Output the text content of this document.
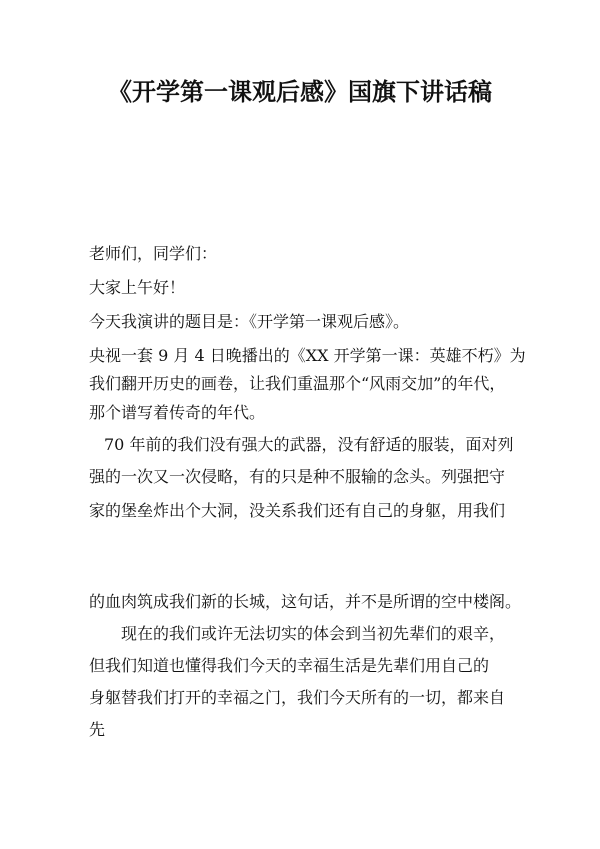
《开学第一课观后感》国旗下讲话稿
老师们，同学们：
大家上午好！
今天我演讲的题目是：《开学第一课观后感》。
央视一套 9 月 4 日晚播出的《XX 开学第一课：英雄不朽》为
我们翻开历史的画卷，让我们重温那个“风雨交加”的年代，
那个谱写着传奇的年代。
70 年前的我们没有强大的武器，没有舒适的服装，面对列
强的一次又一次侵略，有的只是种不服输的念头。列强把守
家的堡垒炸出个大洞，没关系我们还有自己的身躯，用我们
的血肉筑成我们新的长城，这句话，并不是所谓的空中楼阁。
现在的我们或许无法切实的体会到当初先辈们的艰辛，
但我们知道也懂得我们今天的幸福生活是先辈们用自己的
身躯替我们打开的幸福之门，我们今天所有的一切，都来自
先
